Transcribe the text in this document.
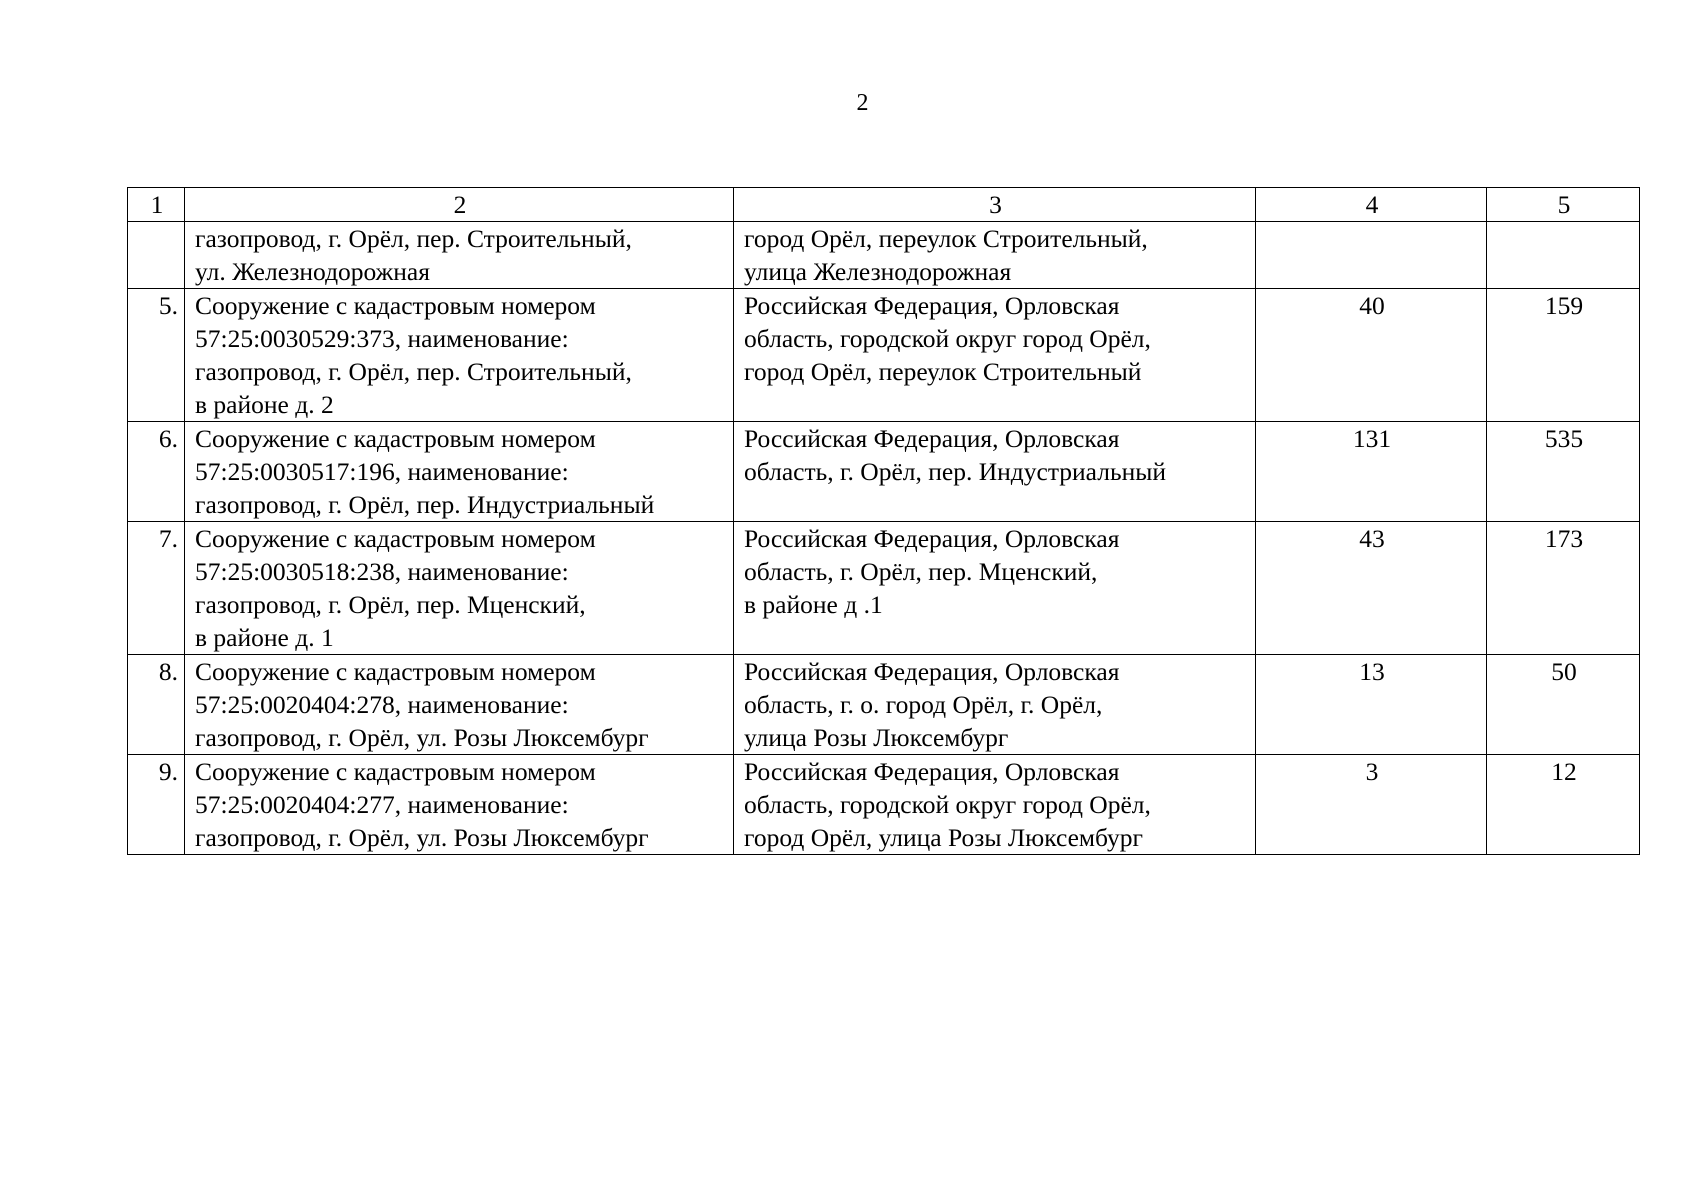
2
1	2	3	4	5

	газопровод, г. Орёл, пер. Строительный,
ул. Железнодорожная	город Орёл, переулок Строительный,
улица Железнодорожная		

5.	Сооружение с кадастровым номером
57:25:0030529:373, наименование:
газопровод, г. Орёл, пер. Строительный,
в районе д. 2	Российская Федерация, Орловская
область, городской округ город Орёл,
город Орёл, переулок Строительный	40	159
6.	Сооружение с кадастровым номером
57:25:0030517:196, наименование:
газопровод, г. Орёл, пер. Индустриальный	Российская Федерация, Орловская
область, г. Орёл, пер. Индустриальный	131	535
7.	Сооружение с кадастровым номером
57:25:0030518:238, наименование:
газопровод, г. Орёл, пер. Мценский,
в районе д. 1	Российская Федерация, Орловская
область, г. Орёл, пер. Мценский,
в районе д .1	43	173
8.	Сооружение с кадастровым номером
57:25:0020404:278, наименование:
газопровод, г. Орёл, ул. Розы Люксембург	Российская Федерация, Орловская
область, г. о. город Орёл, г. Орёл,
улица Розы Люксембург	13	50
9.	Сооружение с кадастровым номером
57:25:0020404:277, наименование:
газопровод, г. Орёл, ул. Розы Люксембург	Российская Федерация, Орловская
область, городской округ город Орёл,
город Орёл, улица Розы Люксембург	3	12
